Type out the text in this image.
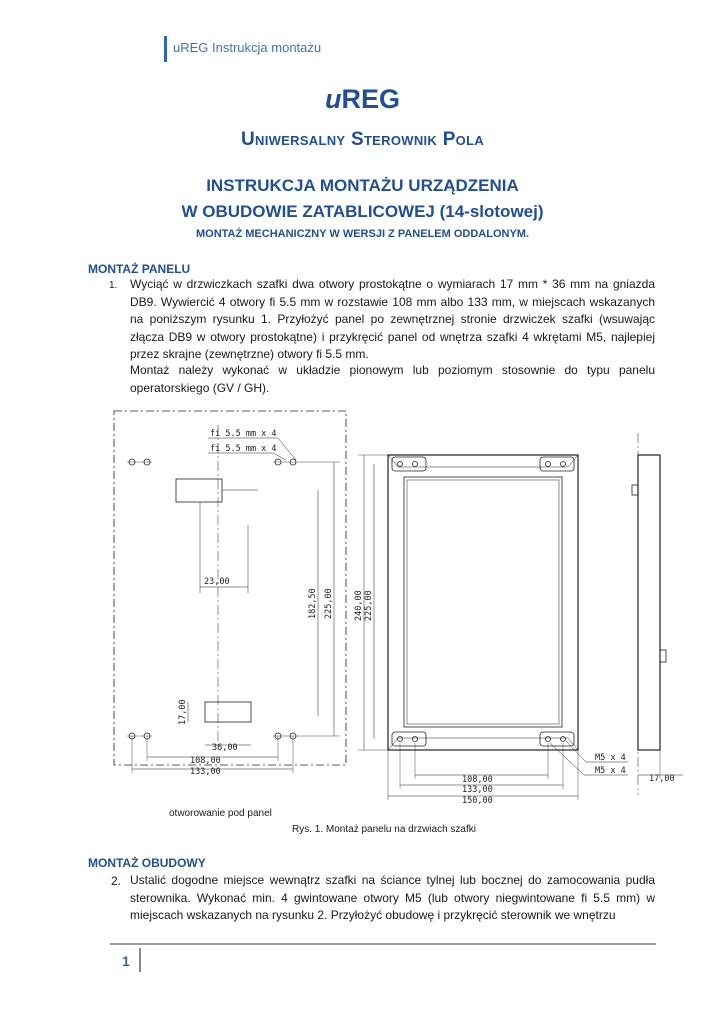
uREG Instrukcja montażu
uREG
Uniwersalny Sterownik Pola
INSTRUKCJA MONTAŻU URZĄDZENIA
W OBUDOWIE ZATABLICOWEJ (14-slotowej)
MONTAŻ MECHANICZNY W WERSJI Z PANELEM ODDALONYM.
MONTAŻ PANELU
1. Wyciąć w drzwiczkach szafki dwa otwory prostokątne o wymiarach 17 mm * 36 mm na gniazda DB9. Wywiercić 4 otwory fi 5.5 mm w rozstawie 108 mm albo 133 mm, w miejscach wskazanych na poniższym rysunku 1. Przyłożyć panel po zewnętrznej stronie drzwiczek szafki (wsuwając złącza DB9 w otwory prostokątne) i przykręcić panel od wnętrza szafki 4 wkrętami M5, najlepiej przez skrajne (zewnętrzne) otwory fi 5.5 mm.
Montaż należy wykonać w układzie pionowym lub poziomym stosownie do typu panelu operatorskiego (GV / GH).
fi 5.5 mm x 4
fi 5.5 mm x 4
23,00
182,50 225,00
17,00
36,00
108,00
133,00
240,00 225,00
M5 x 4
M5 x 4
108,00
133,00
150,00
17,00
otworowanie pod panel
Rys. 1. Montaż panelu na drzwiach szafki
MONTAŻ OBUDOWY
2. Ustalić dogodne miejsce wewnątrz szafki na ściance tylnej lub bocznej do zamocowania pudła sterownika. Wykonać min. 4 gwintowane otwory M5 (lub otwory niegwintowane fi 5.5 mm) w miejscach wskazanych na rysunku 2. Przyłożyć obudowę i przykręcić sterownik we wnętrzu
1
